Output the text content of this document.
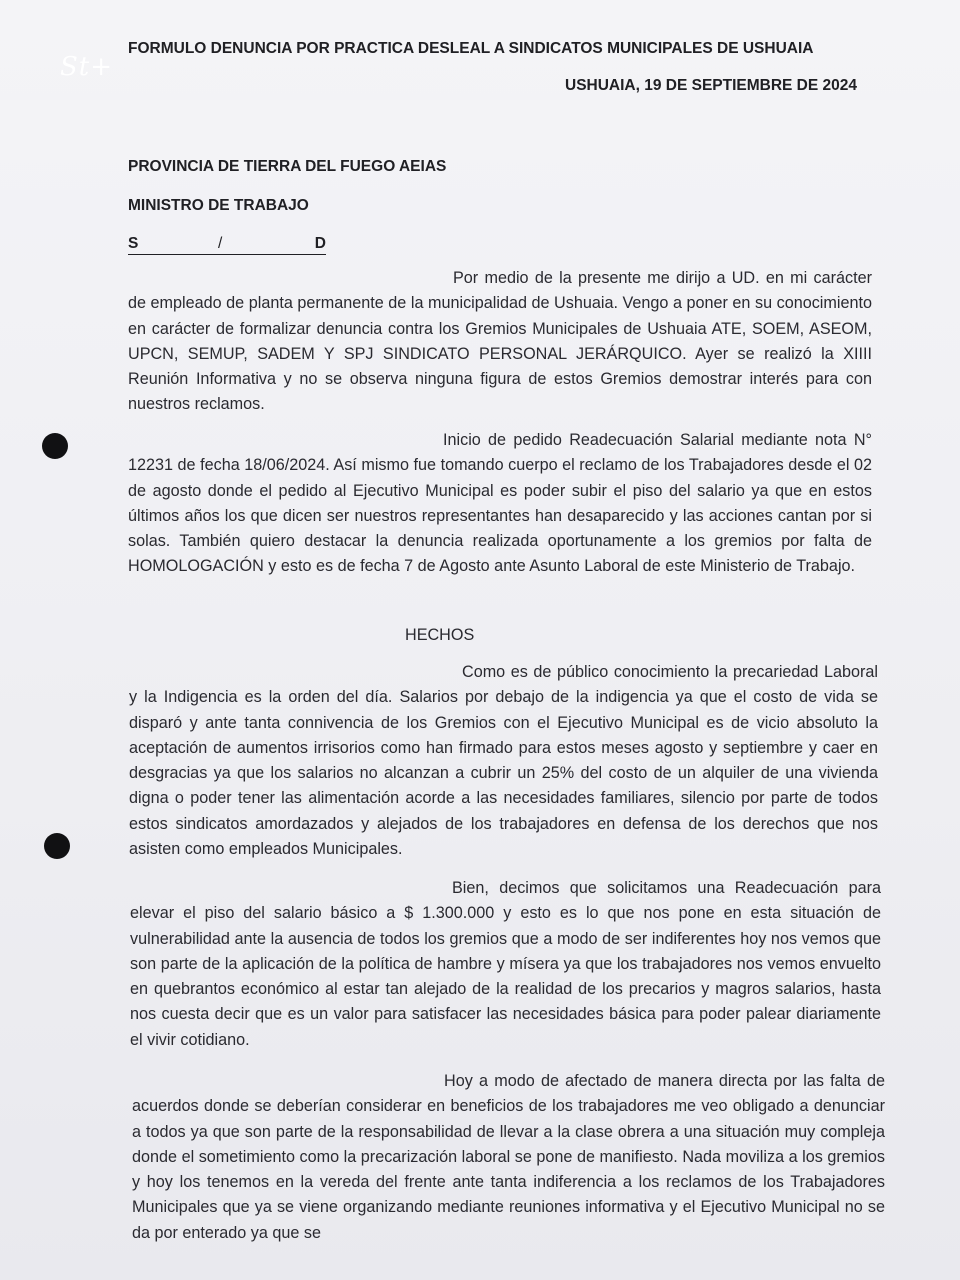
St+
FORMULO DENUNCIA POR PRACTICA DESLEAL A SINDICATOS MUNICIPALES DE USHUAIA
USHUAIA, 19 DE SEPTIEMBRE DE 2024
PROVINCIA DE TIERRA DEL FUEGO AEIAS
MINISTRO DE TRABAJO
S	/	D

Por medio de la presente me dirijo a UD. en mi carácter de empleado de planta permanente de la municipalidad de Ushuaia. Vengo a poner en su conocimiento en carácter de formalizar denuncia contra los Gremios Municipales de Ushuaia ATE, SOEM, ASEOM, UPCN, SEMUP, SADEM Y SPJ SINDICATO PERSONAL JERÁRQUICO. Ayer se realizó la XIIII Reunión Informativa y no se observa ninguna figura de estos Gremios demostrar interés para con nuestros reclamos.

Inicio de pedido Readecuación Salarial mediante nota N° 12231 de fecha 18/06/2024. Así mismo fue tomando cuerpo el reclamo de los Trabajadores desde el 02 de agosto donde el pedido al Ejecutivo Municipal es poder subir el piso del salario ya que en estos últimos años los que dicen ser nuestros representantes han desaparecido y las acciones cantan por si solas. También quiero destacar la denuncia realizada oportunamente a los gremios por falta de HOMOLOGACIÓN y esto es de fecha 7 de Agosto ante Asunto Laboral de este Ministerio de Trabajo.

HECHOS

Como es de público conocimiento la precariedad Laboral y la Indigencia es la orden del día. Salarios por debajo de la indigencia ya que el costo de vida se disparó y ante tanta connivencia de los Gremios con el Ejecutivo Municipal es de vicio absoluto la aceptación de aumentos irrisorios como han firmado para estos meses agosto y septiembre y caer en desgracias ya que los salarios no alcanzan a cubrir un 25% del costo de un alquiler de una vivienda digna o poder tener las alimentación acorde a las necesidades familiares, silencio por parte de todos estos sindicatos amordazados y alejados de los trabajadores en defensa de los derechos que nos asisten como empleados Municipales.

Bien, decimos que solicitamos una Readecuación para elevar el piso del salario básico a $ 1.300.000 y esto es lo que nos pone en esta situación de vulnerabilidad ante la ausencia de todos los gremios que a modo de ser indiferentes hoy nos vemos que son parte de la aplicación de la política de hambre y mísera ya que los trabajadores nos vemos envuelto en quebrantos económico al estar tan alejado de la realidad de los precarios y magros salarios, hasta nos cuesta decir que es un valor para satisfacer las necesidades básica para poder palear diariamente el vivir cotidiano.

Hoy a modo de afectado de manera directa por las falta de acuerdos donde se deberían considerar en beneficios de los trabajadores me veo obligado a denunciar a todos ya que son parte de la responsabilidad de llevar a la clase obrera a una situación muy compleja donde el sometimiento como la precarización laboral se pone de manifiesto. Nada moviliza a los gremios y hoy los tenemos en la vereda del frente ante tanta indiferencia a los reclamos de los Trabajadores Municipales que ya se viene organizando mediante reuniones informativa y el Ejecutivo Municipal no se da por enterado ya que se
